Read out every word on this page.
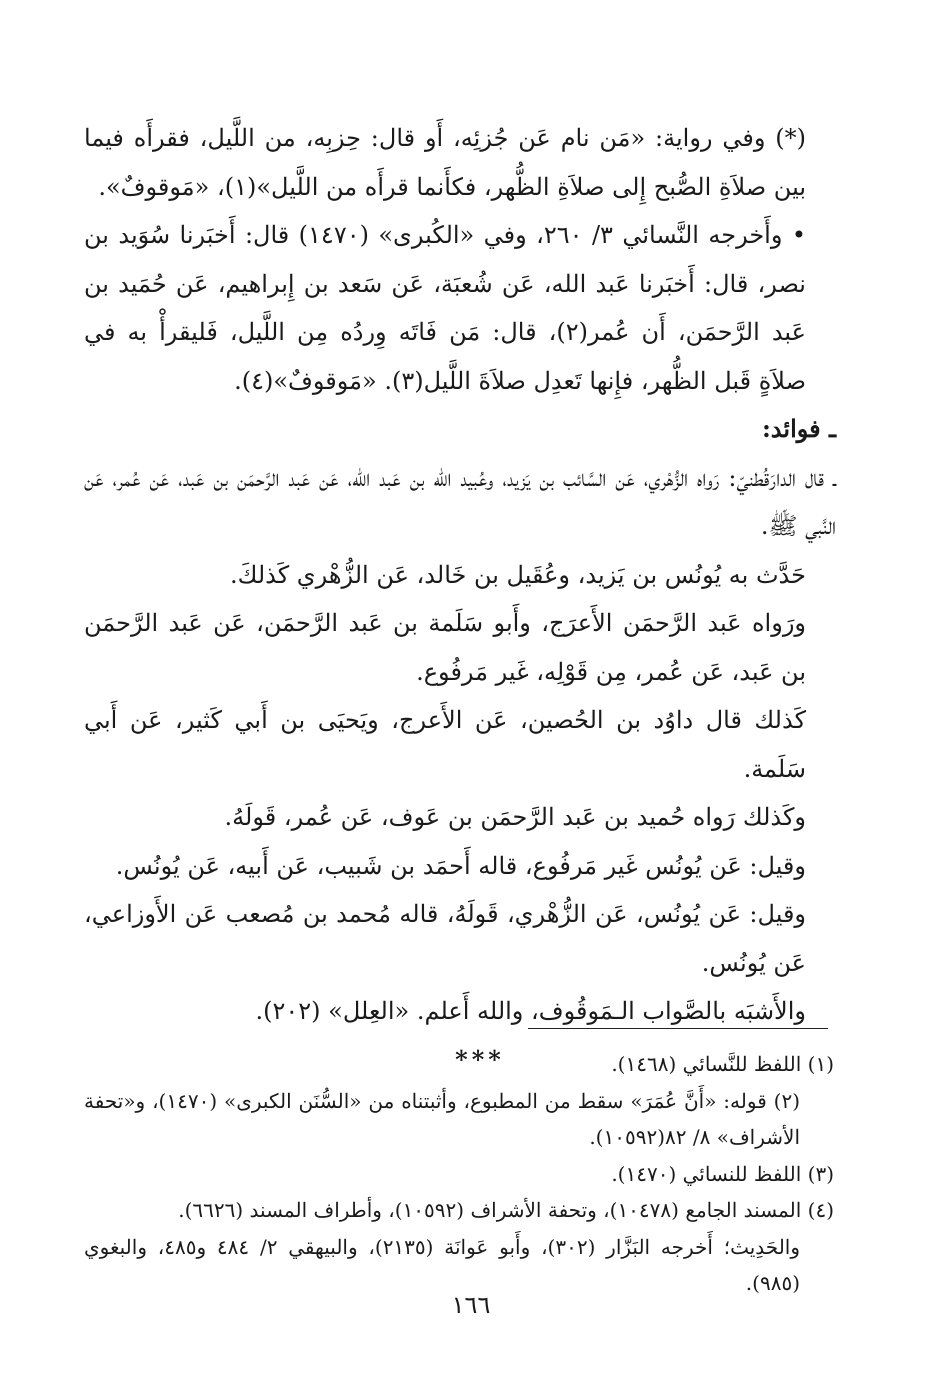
(*) وفي رواية: «مَن نام عَن جُزئِه، أَو قال: حِزبِه، من اللَّيل، فقرأَه فيما بين صلاَةِ الصُّبح إِلى صلاَةِ الظُّهر، فكأَنما قرأَه من اللَّيل»(١)، «مَوقوفٌ».

• وأَخرجه النَّسائي ٣/ ٢٦٠، وفي «الكُبرى» (١٤٧٠) قال: أَخبَرنا سُوَيد بن نصر، قال: أَخبَرنا عَبد الله، عَن شُعبَة، عَن سَعد بن إِبراهيم، عَن حُمَيد بن عَبد الرَّحمَن، أَن عُمر(٢)، قال: مَن فَاتَه وِردُه مِن اللَّيل، فَليقرأْ به في صلاَةٍ قَبل الظُّهر، فإِنها تَعدِل صلاَةَ اللَّيل(٣). «مَوقوفٌ»(٤).

ـ فوائد:

ـ قال الدارَقُطنيّ: رَواه الزُّهْري، عَن السَّائب بن يَزيد، وعُبيد الله بن عَبد الله، عَن عَبد الرَّحمَن بن عَبد، عَن عُمر، عَن النَّبي ﷺ.

حَدَّث به يُونُس بن يَزيد، وعُقَيل بن خَالد، عَن الزُّهْري كَذلكَ.

ورَواه عَبد الرَّحمَن الأَعرَج، وأَبو سَلَمة بن عَبد الرَّحمَن، عَن عَبد الرَّحمَن بن عَبد، عَن عُمر، مِن قَوْلِه، غَير مَرفُوع.

كَذلك قال داوُد بن الحُصين، عَن الأَعرج، ويَحيَى بن أَبي كَثير، عَن أَبي سَلَمة.

وكَذلك رَواه حُميد بن عَبد الرَّحمَن بن عَوف، عَن عُمر، قَولَهُ.

وقيل: عَن يُونُس غَير مَرفُوع، قاله أَحمَد بن شَبيب، عَن أَبيه، عَن يُونُس.

وقيل: عَن يُونُس، عَن الزُّهْري، قَولَهُ، قاله مُحمد بن مُصعب عَن الأَوزاعي، عَن يُونُس.

والأَشبَه بالصَّواب الـمَوقُوف، والله أَعلم. «العِلل» (٢٠٢).

***	(١) اللفظ للنَّسائي (١٤٦٨).

(٢) قوله: «أَنَّ عُمَرَ» سقط من المطبوع، وأثبتناه من «السُّنَن الكبرى» (١٤٧٠)، و«تحفة الأشراف» ٨/ ٨٢(١٠٥٩٢).

(٣) اللفظ للنسائي (١٤٧٠).

(٤) المسند الجامع (١٠٤٧٨)، وتحفة الأشراف (١٠٥٩٢)، وأطراف المسند (٦٦٢٦).

والحَدِيث؛ أَخرجه البَزَّار (٣٠٢)، وأَبو عَوانَة (٢١٣٥)، والبيهقي ٢/ ٤٨٤ و٤٨٥، والبغوي (٩٨٥).

١٦٦
